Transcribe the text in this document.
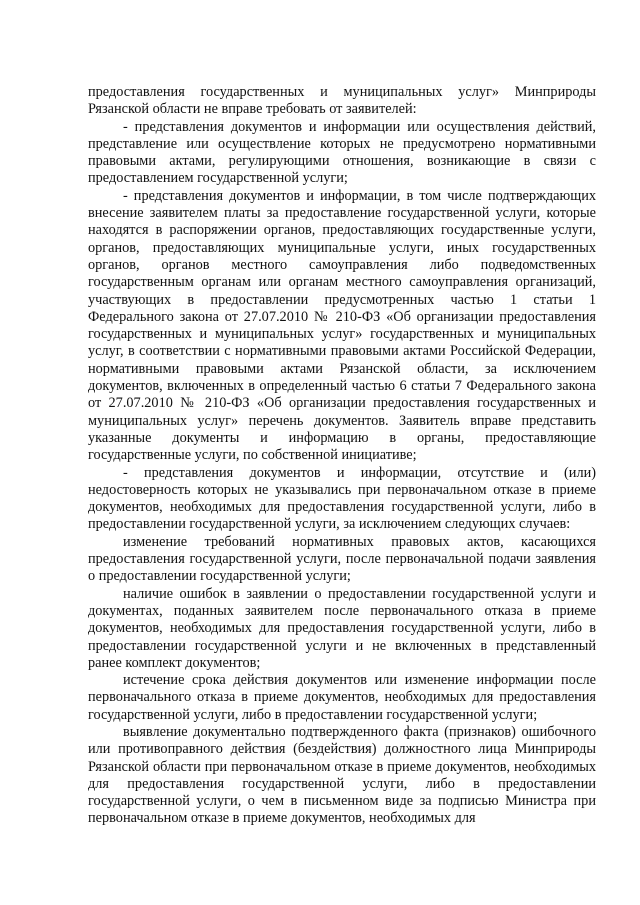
предоставления государственных и муниципальных услуг» Минприроды Рязанской области не вправе требовать от заявителей:

- представления документов и информации или осуществления действий, представление или осуществление которых не предусмотрено нормативными правовыми актами, регулирующими отношения, возникающие в связи с предоставлением государственной услуги;

- представления документов и информации, в том числе подтверждающих внесение заявителем платы за предоставление государственной услуги, которые находятся в распоряжении органов, предоставляющих государственные услуги, органов, предоставляющих муниципальные услуги, иных государственных органов, органов местного самоуправления либо подведомственных государственным органам или органам местного самоуправления организаций, участвующих в предоставлении предусмотренных частью 1 статьи 1 Федерального закона от 27.07.2010 № 210-ФЗ «Об организации предоставления государственных и муниципальных услуг» государственных и муниципальных услуг, в соответствии с нормативными правовыми актами Российской Федерации, нормативными правовыми актами Рязанской области, за исключением документов, включенных в определенный частью 6 статьи 7 Федерального закона от 27.07.2010 № 210-ФЗ «Об организации предоставления государственных и муниципальных услуг» перечень документов. Заявитель вправе представить указанные документы и информацию в органы, предоставляющие государственные услуги, по собственной инициативе;

- представления документов и информации, отсутствие и (или) недостоверность которых не указывались при первоначальном отказе в приеме документов, необходимых для предоставления государственной услуги, либо в предоставлении государственной услуги, за исключением следующих случаев:

изменение требований нормативных правовых актов, касающихся предоставления государственной услуги, после первоначальной подачи заявления о предоставлении государственной услуги;

наличие ошибок в заявлении о предоставлении государственной услуги и документах, поданных заявителем после первоначального отказа в приеме документов, необходимых для предоставления государственной услуги, либо в предоставлении государственной услуги и не включенных в представленный ранее комплект документов;

истечение срока действия документов или изменение информации после первоначального отказа в приеме документов, необходимых для предоставления государственной услуги, либо в предоставлении государственной услуги;

выявление документально подтвержденного факта (признаков) ошибочного или противоправного действия (бездействия) должностного лица Минприроды Рязанской области при первоначальном отказе в приеме документов, необходимых для предоставления государственной услуги, либо в предоставлении государственной услуги, о чем в письменном виде за подписью Министра при первоначальном отказе в приеме документов, необходимых для
